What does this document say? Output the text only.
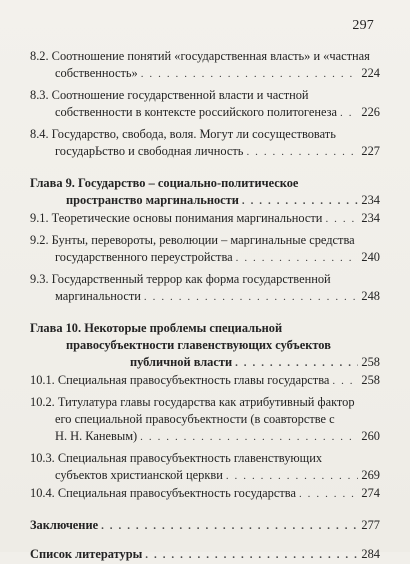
297
8.2. Соотношение понятий «государственная власть» и «частная
собственность» . . .	224
8.3. Соотношение государственной власти и частной
собственности в контексте российского политогенеза . . . 226
8.4. Государство, свобода, воля. Могут ли сосуществовать
государЬство и свободная личность . . .	227
Глава 9. Государство – социально-политическое
пространство маргинальности . . .	234
9.1. Теоретические основы понимания маргинальности . . .	234
9.2. Бунты, перевороты, революции – маргинальные средства
государственного переустройства . . .	240
9.3. Государственный террор как форма государственной
маргинальности . . .	248
Глава 10. Некоторые проблемы специальной
правосубъектности главенствующих субъектов
публичной власти . . .	258
10.1. Специальная правосубъектность главы государства . . .	258
10.2. Титулатура главы государства как атрибутивный фактор
его специальной правосубъектности (в соавторстве с
Н. Н. Каневым) . . .	260
10.3. Специальная правосубъектность главенствующих
субъектов христианской церкви . . .	269
10.4. Специальная правосубъектность государства . . .	274
Заключение . . .	277
Список литературы . . .	284
